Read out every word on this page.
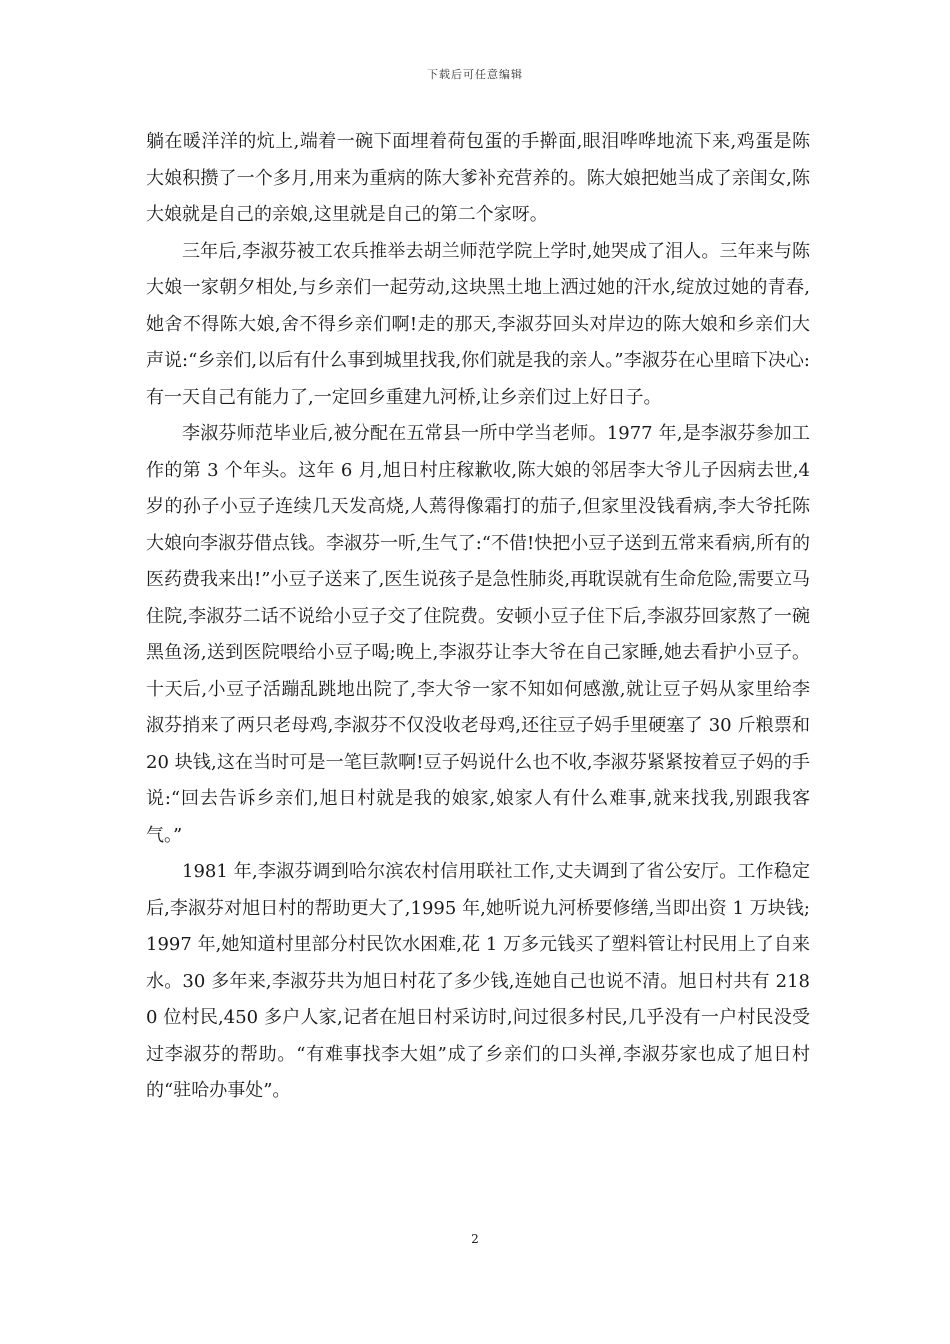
下载后可任意编辑

躺在暖洋洋的炕上,端着一碗下面埋着荷包蛋的手擀面,眼泪哗哗地流下来,鸡蛋是陈大娘积攒了一个多月,用来为重病的陈大爹补充营养的。陈大娘把她当成了亲闺女,陈大娘就是自己的亲娘,这里就是自己的第二个家呀。

三年后,李淑芬被工农兵推举去胡兰师范学院上学时,她哭成了泪人。三年来与陈大娘一家朝夕相处,与乡亲们一起劳动,这块黑土地上洒过她的汗水,绽放过她的青春,她舍不得陈大娘,舍不得乡亲们啊!走的那天,李淑芬回头对岸边的陈大娘和乡亲们大声说:“乡亲们,以后有什么事到城里找我,你们就是我的亲人。”李淑芬在心里暗下决心:有一天自己有能力了,一定回乡重建九河桥,让乡亲们过上好日子。

李淑芬师范毕业后,被分配在五常县一所中学当老师。1977 年,是李淑芬参加工作的第 3 个年头。这年 6 月,旭日村庄稼歉收,陈大娘的邻居李大爷儿子因病去世,4 岁的孙子小豆子连续几天发高烧,人蔫得像霜打的茄子,但家里没钱看病,李大爷托陈大娘向李淑芬借点钱。李淑芬一听,生气了:“不借!快把小豆子送到五常来看病,所有的医药费我来出!”小豆子送来了,医生说孩子是急性肺炎,再耽误就有生命危险,需要立马住院,李淑芬二话不说给小豆子交了住院费。安顿小豆子住下后,李淑芬回家熬了一碗黑鱼汤,送到医院喂给小豆子喝;晚上,李淑芬让李大爷在自己家睡,她去看护小豆子。十天后,小豆子活蹦乱跳地出院了,李大爷一家不知如何感激,就让豆子妈从家里给李淑芬捎来了两只老母鸡,李淑芬不仅没收老母鸡,还往豆子妈手里硬塞了 30 斤粮票和 20 块钱,这在当时可是一笔巨款啊!豆子妈说什么也不收,李淑芬紧紧按着豆子妈的手说:“回去告诉乡亲们,旭日村就是我的娘家,娘家人有什么难事,就来找我,别跟我客气。”

1981 年,李淑芬调到哈尔滨农村信用联社工作,丈夫调到了省公安厅。工作稳定后,李淑芬对旭日村的帮助更大了,1995 年,她听说九河桥要修缮,当即出资 1 万块钱;1997 年,她知道村里部分村民饮水困难,花 1 万多元钱买了塑料管让村民用上了自来水。30 多年来,李淑芬共为旭日村花了多少钱,连她自己也说不清。旭日村共有 2180 位村民,450 多户人家,记者在旭日村采访时,问过很多村民,几乎没有一户村民没受过李淑芬的帮助。“有难事找李大姐”成了乡亲们的口头禅,李淑芬家也成了旭日村的“驻哈办事处”。

2
